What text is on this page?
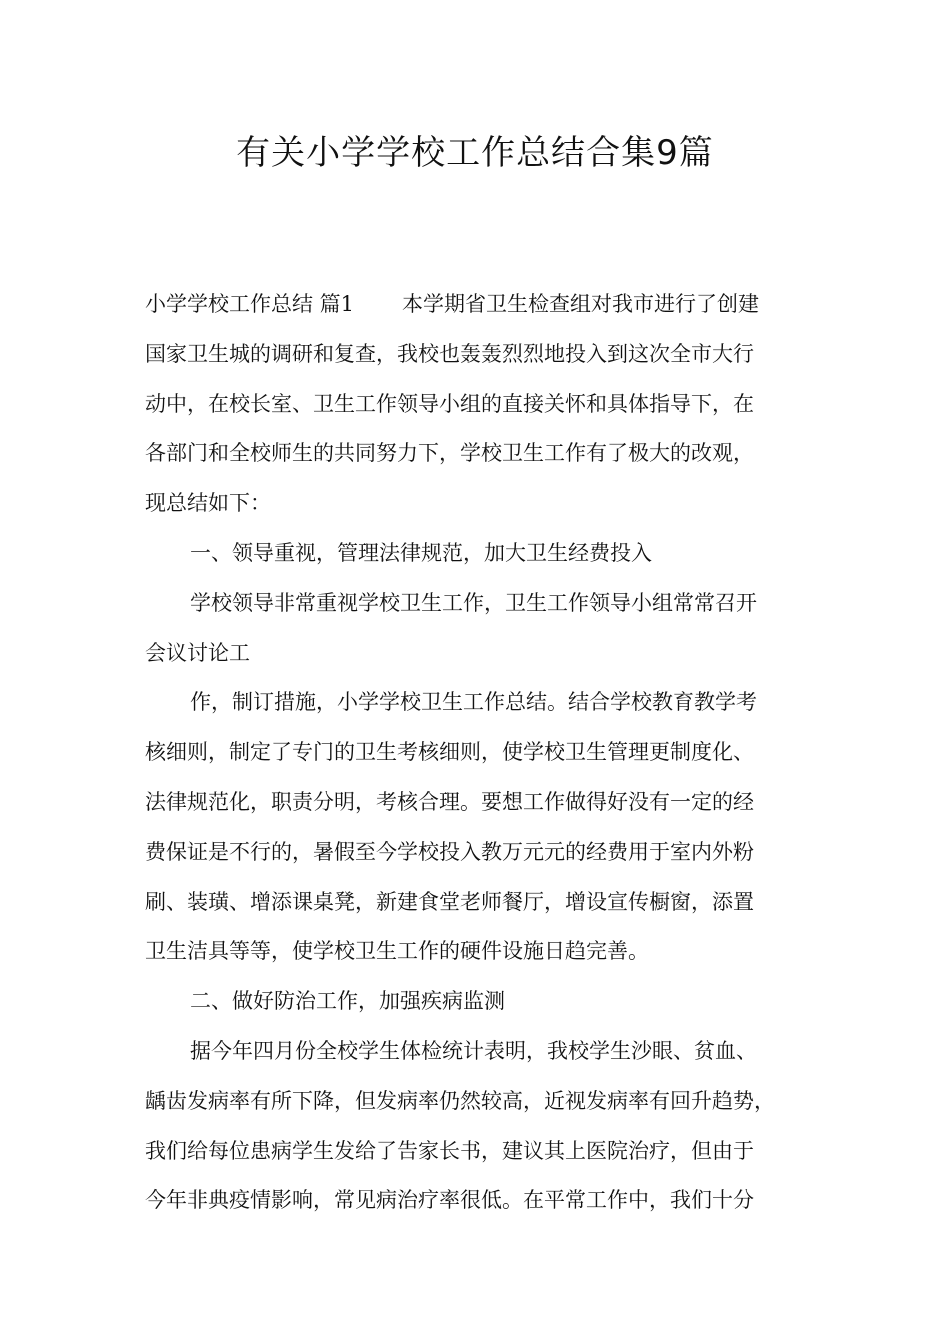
有关小学学校工作总结合集9篇

小学学校工作总结 篇1 本学期省卫生检查组对我市进行了创建

国家卫生城的调研和复查，我校也轰轰烈烈地投入到这次全市大行

动中，在校长室、卫生工作领导小组的直接关怀和具体指导下，在

各部门和全校师生的共同努力下，学校卫生工作有了极大的改观，

现总结如下：

一、领导重视，管理法律规范，加大卫生经费投入

学校领导非常重视学校卫生工作，卫生工作领导小组常常召开

会议讨论工

作，制订措施，小学学校卫生工作总结。结合学校教育教学考

核细则，制定了专门的卫生考核细则，使学校卫生管理更制度化、

法律规范化，职责分明，考核合理。要想工作做得好没有一定的经

费保证是不行的，暑假至今学校投入教万元元的经费用于室内外粉

刷、装璜、增添课桌凳，新建食堂老师餐厅，增设宣传橱窗，添置

卫生洁具等等，使学校卫生工作的硬件设施日趋完善。

二、做好防治工作，加强疾病监测

据今年四月份全校学生体检统计表明，我校学生沙眼、贫血、

龋齿发病率有所下降，但发病率仍然较高，近视发病率有回升趋势，

我们给每位患病学生发给了告家长书，建议其上医院治疗，但由于

今年非典疫情影响，常见病治疗率很低。在平常工作中，我们十分
